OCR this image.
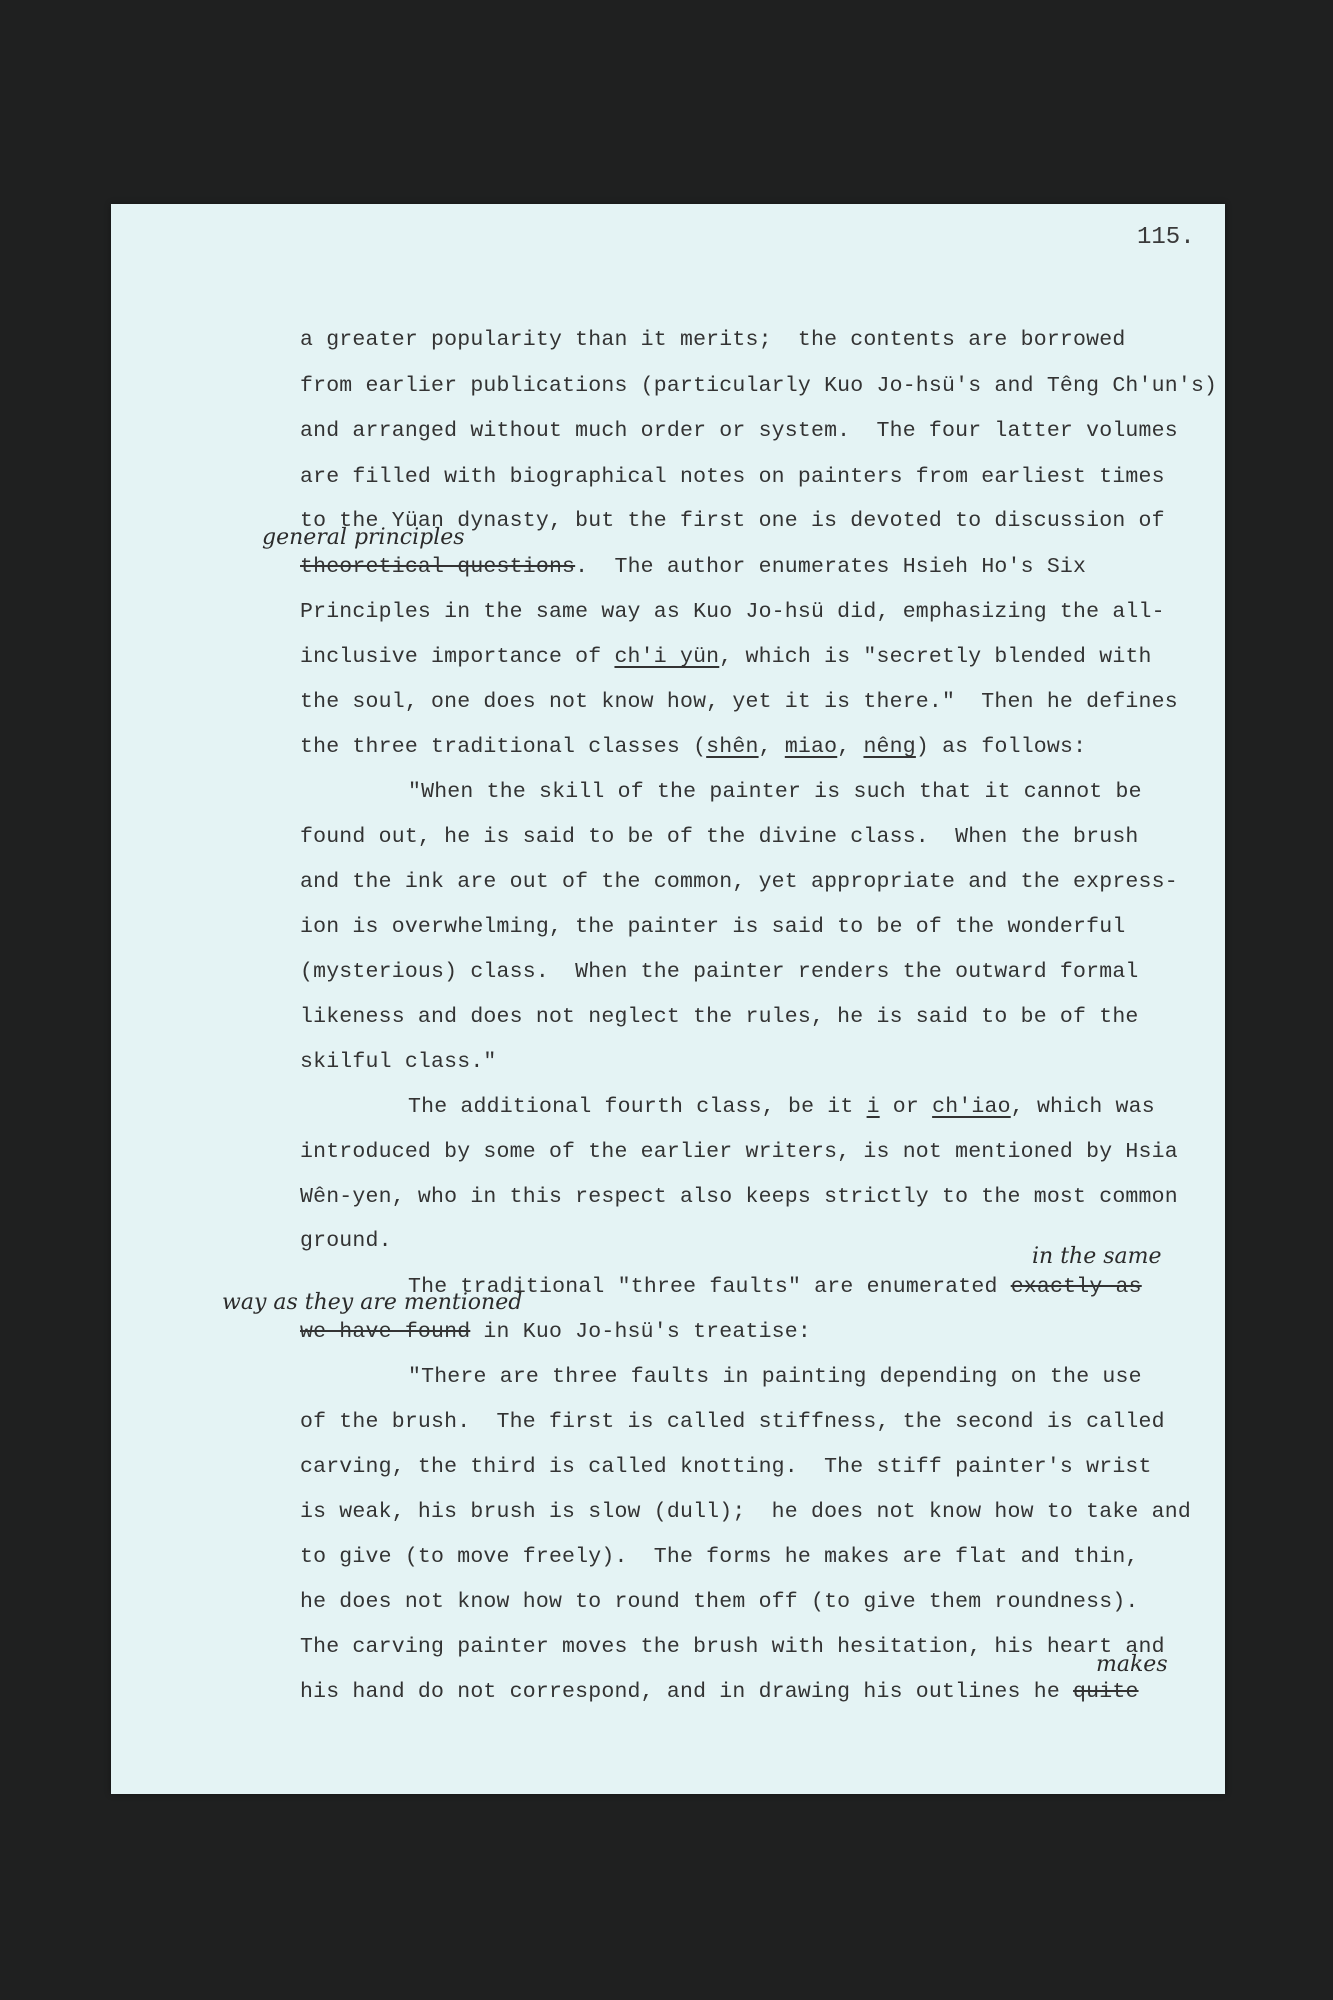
115.
a greater popularity than it merits;  the contents are borrowed
from earlier publications (particularly Kuo Jo-hsü's and Têng Ch'un's)
and arranged without much order or system.  The four latter volumes
are filled with biographical notes on painters from earliest times
to the Yüan dynasty, but the first one is devoted to discussion of
theoretical questions.  The author enumerates Hsieh Ho's Six
Principles in the same way as Kuo Jo-hsü did, emphasizing the all-
inclusive importance of ch'i yün, which is "secretly blended with
the soul, one does not know how, yet it is there."  Then he defines
the three traditional classes (shên, miao, nêng) as follows:
"When the skill of the painter is such that it cannot be
found out, he is said to be of the divine class.  When the brush
and the ink are out of the common, yet appropriate and the express-
ion is overwhelming, the painter is said to be of the wonderful
(mysterious) class.  When the painter renders the outward formal
likeness and does not neglect the rules, he is said to be of the
skilful class."
The additional fourth class, be it i or ch'iao, which was
introduced by some of the earlier writers, is not mentioned by Hsia
Wên-yen, who in this respect also keeps strictly to the most common
ground.
The traditional "three faults" are enumerated exactly as
we have found in Kuo Jo-hsü's treatise:
"There are three faults in painting depending on the use
of the brush.  The first is called stiffness, the second is called
carving, the third is called knotting.  The stiff painter's wrist
is weak, his brush is slow (dull);  he does not know how to take and
to give (to move freely).  The forms he makes are flat and thin,
he does not know how to round them off (to give them roundness).
The carving painter moves the brush with hesitation, his heart and
his hand do not correspond, and in drawing his outlines he quite
general principles
in the same
way as they are mentioned
makes
